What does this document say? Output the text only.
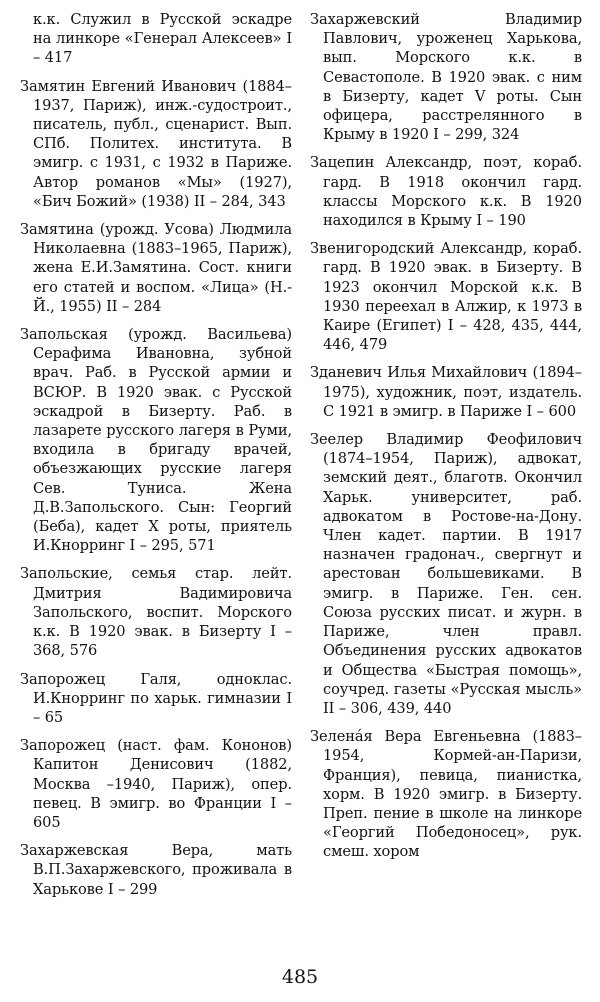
к.к. Служил в Русской эскадре на линкоре «Генерал Алексеев» I – 417

Замятин Евгений Иванович (1884–1937, Париж), инж.-судостроит., писатель, публ., сценарист. Вып. СПб. Политех. института. В эмигр. с 1931, с 1932 в Париже. Автор романов «Мы» (1927), «Бич Божий» (1938) II – 284, 343

Замятина (урожд. Усова) Людмила Николаевна (1883–1965, Париж), жена Е.И.Замятина. Сост. книги его статей и воспом. «Лица» (Н.-Й., 1955) II – 284

Запольская (урожд. Васильева) Серафима Ивановна, зубной врач. Раб. в Русской армии и ВСЮР. В 1920 эвак. с Русской эскадрой в Бизерту. Раб. в лазарете русского лагеря в Руми, входила в бригаду врачей, объезжающих русские лагеря Сев. Туниса. Жена Д.В.Запольского. Сын: Георгий (Беба), кадет X роты, приятель И.Кнорринг I – 295, 571

Запольские, семья стар. лейт. Дмитрия Вадимировича Запольского, воспит. Морского к.к. В 1920 эвак. в Бизерту I – 368, 576

Запорожец Галя, одноклас. И.Кнорринг по харьк. гимназии I – 65

Запорожец (наст. фам. Кононов) Капитон Денисович (1882, Москва –1940, Париж), опер. певец. В эмигр. во Франции I – 605

Захаржевская Вера, мать В.П.Захаржевского, проживала в Харькове I – 299

Захаржевский Владимир Павлович, уроженец Харькова, вып. Морского к.к. в Севастополе. В 1920 эвак. с ним в Бизерту, кадет V роты. Сын офицера, расстрелянного в Крыму в 1920 I – 299, 324

Зацепин Александр, поэт, кораб. гард. В 1918 окончил гард. классы Морского к.к. В 1920 находился в Крыму I – 190

Звенигородский Александр, кораб. гард. В 1920 эвак. в Бизерту. В 1923 окончил Морской к.к. В 1930 переехал в Алжир, к 1973 в Каире (Египет) I – 428, 435, 444, 446, 479

Зданевич Илья Михайлович (1894–1975), художник, поэт, издатель. С 1921 в эмигр. в Париже I – 600

Зеелер Владимир Феофилович (1874–1954, Париж), адвокат, земский деят., благотв. Окончил Харьк. университет, раб. адвокатом в Ростове-на-Дону. Член кадет. партии. В 1917 назначен градонач., свергнут и арестован большевиками. В эмигр. в Париже. Ген. сен. Союза русских писат. и журн. в Париже, член правл. Объединения русских адвокатов и Общества «Быстрая помощь», соучред. газеты «Русская мысль» II – 306, 439, 440

Зеленáя Вера Евгеньевна (1883–1954, Кормей-ан-Паризи, Франция), певица, пианистка, хорм. В 1920 эмигр. в Бизерту. Преп. пение в школе на линкоре «Георгий Победоносец», рук. смеш. хором

485
